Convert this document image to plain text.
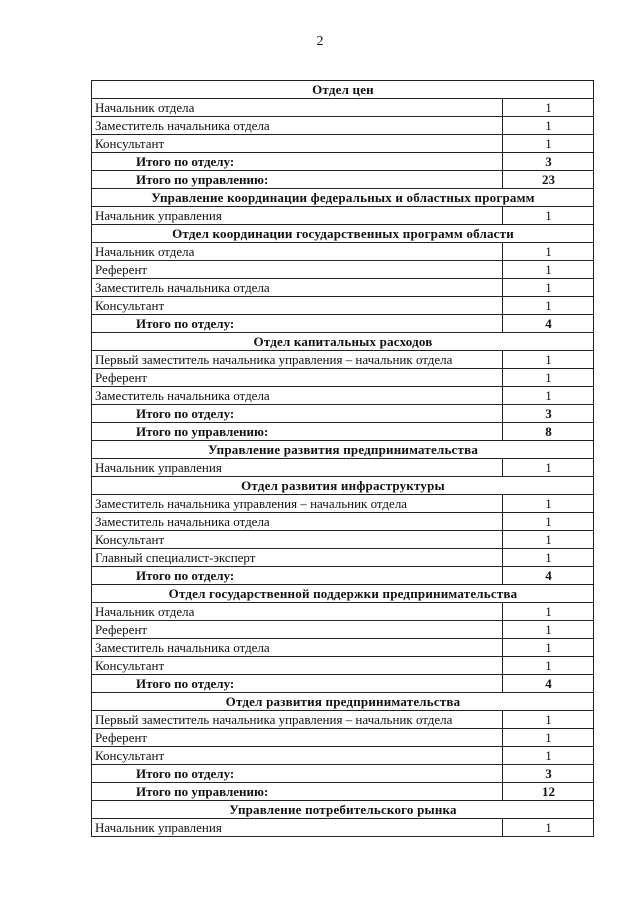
2
Отдел цен	
Начальник отдела	1
Заместитель начальника отдела	1
Консультант	1
Итого по отделу:	3
Итого по управлению:	23
Управление координации федеральных и областных программ	
Начальник управления	1
Отдел координации государственных программ области	
Начальник отдела	1
Референт	1
Заместитель начальника отдела	1
Консультант	1
Итого по отделу:	4
Отдел капитальных расходов	
Первый заместитель начальника управления – начальник отдела	1
Референт	1
Заместитель начальника отдела	1
Итого по отделу:	3
Итого по управлению:	8
Управление развития предпринимательства	
Начальник управления	1
Отдел развития инфраструктуры	
Заместитель начальника управления – начальник отдела	1
Заместитель начальника отдела	1
Консультант	1
Главный специалист-эксперт	1
Итого по отделу:	4
Отдел государственной поддержки предпринимательства	
Начальник отдела	1
Референт	1
Заместитель начальника отдела	1
Консультант	1
Итого по отделу:	4
Отдел развития предпринимательства	
Первый заместитель начальника управления – начальник отдела	1
Референт	1
Консультант	1
Итого по отделу:	3
Итого по управлению:	12
Управление потребительского рынка	
Начальник управления	1
